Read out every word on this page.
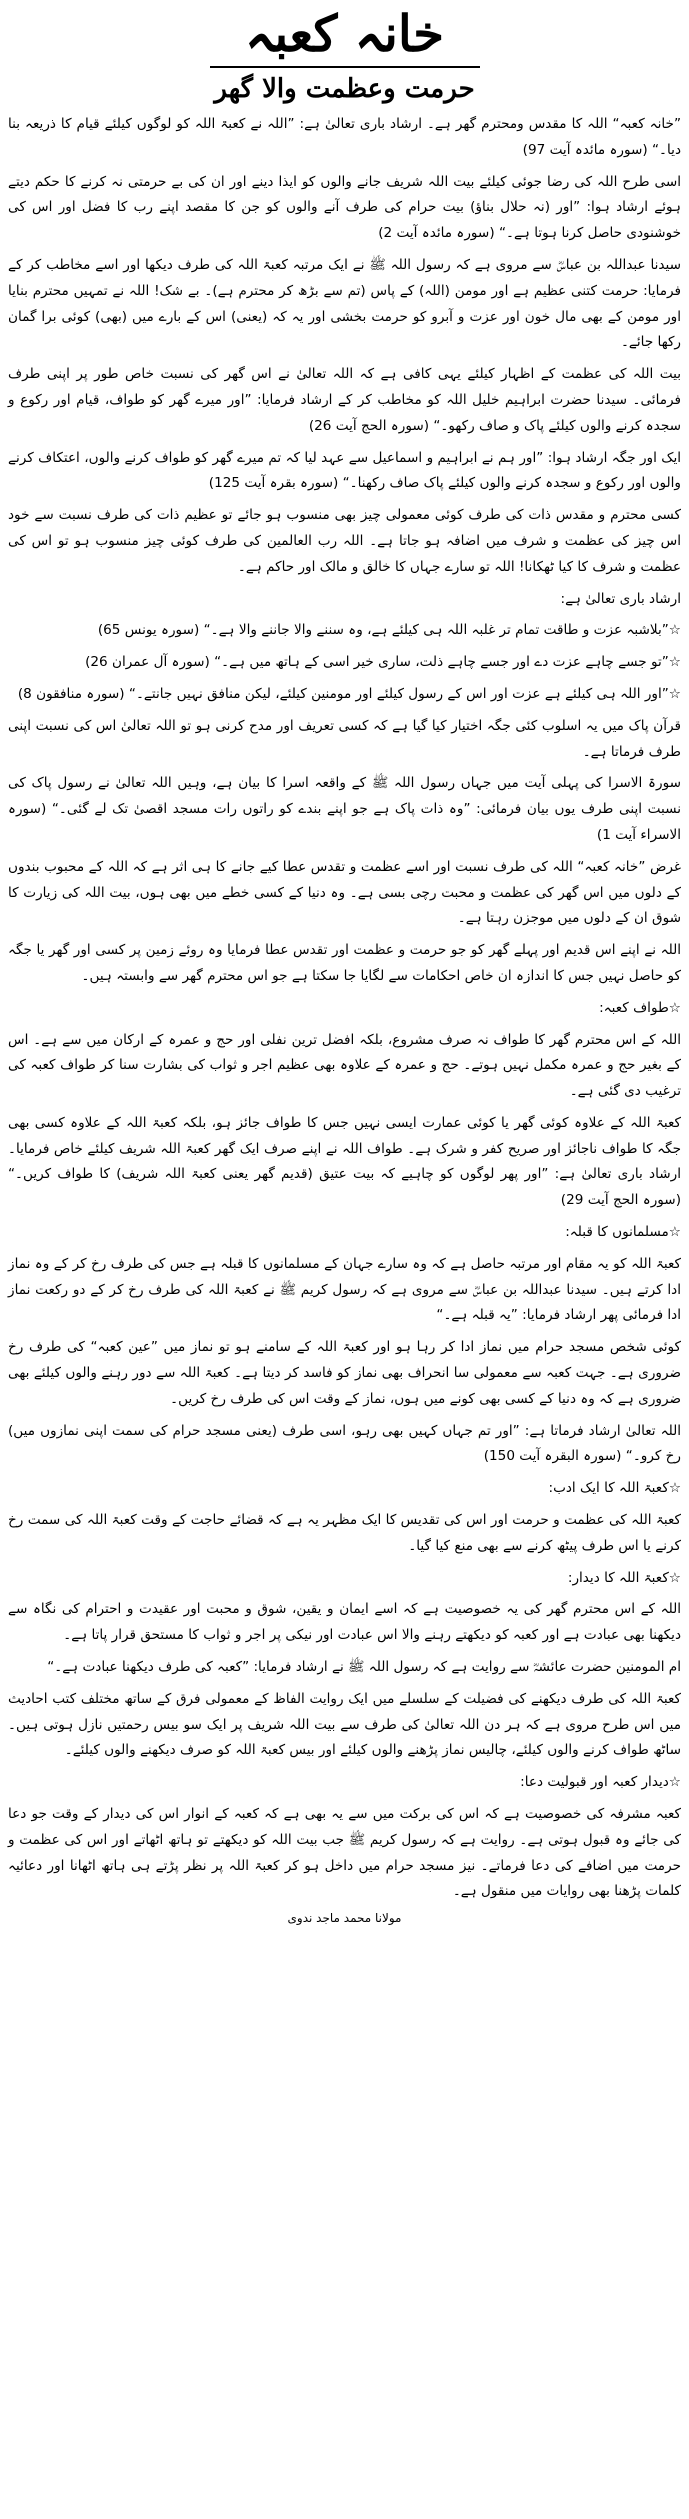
خانہ کعبہ
حرمت وعظمت والا گھر

”خانہ کعبہ“ اللہ کا مقدس ومحترم گھر ہے۔ ارشاد باری تعالیٰ ہے: ”اللہ نے کعبۃ اللہ کو لوگوں کیلئے قیام کا ذریعہ بنا دیا۔“ (سورہ مائدہ آیت 97)

اسی طرح اللہ کی رضا جوئی کیلئے بیت اللہ شریف جانے والوں کو ایذا دینے اور ان کی بے حرمتی نہ کرنے کا حکم دیتے ہوئے ارشاد ہوا: ”اور (نہ حلال بناؤ) بیت حرام کی طرف آنے والوں کو جن کا مقصد اپنے رب کا فضل اور اس کی خوشنودی حاصل کرنا ہوتا ہے۔“ (سورہ مائدہ آیت 2)

سیدنا عبداللہ بن عباسؓ سے مروی ہے کہ رسول اللہ ﷺ نے ایک مرتبہ کعبۃ اللہ کی طرف دیکھا اور اسے مخاطب کر کے فرمایا: حرمت کتنی عظیم ہے اور مومن (اللہ) کے پاس (تم سے بڑھ کر محترم ہے)۔ بے شک! اللہ نے تمہیں محترم بنایا اور مومن کے بھی مال خون اور عزت و آبرو کو حرمت بخشی اور یہ کہ (یعنی) اس کے بارے میں (بھی) کوئی برا گمان رکھا جائے۔

بیت اللہ کی عظمت کے اظہار کیلئے یہی کافی ہے کہ اللہ تعالیٰ نے اس گھر کی نسبت خاص طور پر اپنی طرف فرمائی۔ سیدنا حضرت ابراہیم خلیل اللہ کو مخاطب کر کے ارشاد فرمایا: ”اور میرے گھر کو طواف، قیام اور رکوع و سجدہ کرنے والوں کیلئے پاک و صاف رکھو۔“ (سورہ الحج آیت 26)

ایک اور جگہ ارشاد ہوا: ”اور ہم نے ابراہیم و اسماعیل سے عہد لیا کہ تم میرے گھر کو طواف کرنے والوں، اعتکاف کرنے والوں اور رکوع و سجدہ کرنے والوں کیلئے پاک صاف رکھنا۔“ (سورہ بقرہ آیت 125)

کسی محترم و مقدس ذات کی طرف کوئی معمولی چیز بھی منسوب ہو جائے تو عظیم ذات کی طرف نسبت سے خود اس چیز کی عظمت و شرف میں اضافہ ہو جاتا ہے۔ اللہ رب العالمین کی طرف کوئی چیز منسوب ہو تو اس کی عظمت و شرف کا کیا ٹھکانا! اللہ تو سارے جہاں کا خالق و مالک اور حاکم ہے۔

ارشاد باری تعالیٰ ہے:

☆”بلاشبہ عزت و طاقت تمام تر غلبہ اللہ ہی کیلئے ہے، وہ سننے والا جاننے والا ہے۔“ (سورہ یونس 65)

☆”تو جسے چاہے عزت دے اور جسے چاہے ذلت، ساری خیر اسی کے ہاتھ میں ہے۔“ (سورہ آل عمران 26)

☆”اور اللہ ہی کیلئے ہے عزت اور اس کے رسول کیلئے اور مومنین کیلئے، لیکن منافق نہیں جانتے۔“ (سورہ منافقون 8)

قرآن پاک میں یہ اسلوب کئی جگہ اختیار کیا گیا ہے کہ کسی تعریف اور مدح کرنی ہو تو اللہ تعالیٰ اس کی نسبت اپنی طرف فرماتا ہے۔

سورۃ الاسرا کی پہلی آیت میں جہاں رسول اللہ ﷺ کے واقعہ اسرا کا بیان ہے، وہیں اللہ تعالیٰ نے رسول پاک کی نسبت اپنی طرف یوں بیان فرمائی: ”وہ ذات پاک ہے جو اپنے بندے کو راتوں رات مسجد اقصیٰ تک لے گئی۔“ (سورہ الاسراء آیت 1)

غرض ”خانہ کعبہ“ اللہ کی طرف نسبت اور اسے عظمت و تقدس عطا کیے جانے کا ہی اثر ہے کہ اللہ کے محبوب بندوں کے دلوں میں اس گھر کی عظمت و محبت رچی بسی ہے۔ وہ دنیا کے کسی خطے میں بھی ہوں، بیت اللہ کی زیارت کا شوق ان کے دلوں میں موجزن رہتا ہے۔

اللہ نے اپنے اس قدیم اور پہلے گھر کو جو حرمت و عظمت اور تقدس عطا فرمایا وہ روئے زمین پر کسی اور گھر یا جگہ کو حاصل نہیں جس کا اندازہ ان خاص احکامات سے لگایا جا سکتا ہے جو اس محترم گھر سے وابستہ ہیں۔

☆طواف کعبہ:

اللہ کے اس محترم گھر کا طواف نہ صرف مشروع، بلکہ افضل ترین نفلی اور حج و عمرہ کے ارکان میں سے ہے۔ اس کے بغیر حج و عمرہ مکمل نہیں ہوتے۔ حج و عمرہ کے علاوہ بھی عظیم اجر و ثواب کی بشارت سنا کر طواف کعبہ کی ترغیب دی گئی ہے۔

کعبۃ اللہ کے علاوہ کوئی گھر یا کوئی عمارت ایسی نہیں جس کا طواف جائز ہو، بلکہ کعبۃ اللہ کے علاوہ کسی بھی جگہ کا طواف ناجائز اور صریح کفر و شرک ہے۔ طواف اللہ نے اپنے صرف ایک گھر کعبۃ اللہ شریف کیلئے خاص فرمایا۔ ارشاد باری تعالیٰ ہے: ”اور پھر لوگوں کو چاہیے کہ بیت عتیق (قدیم گھر یعنی کعبۃ اللہ شریف) کا طواف کریں۔“ (سورہ الحج آیت 29)

☆مسلمانوں کا قبلہ:

کعبۃ اللہ کو یہ مقام اور مرتبہ حاصل ہے کہ وہ سارے جہان کے مسلمانوں کا قبلہ ہے جس کی طرف رخ کر کے وہ نماز ادا کرتے ہیں۔ سیدنا عبداللہ بن عباسؓ سے مروی ہے کہ رسول کریم ﷺ نے کعبۃ اللہ کی طرف رخ کر کے دو رکعت نماز ادا فرمائی پھر ارشاد فرمایا: ”یہ قبلہ ہے۔“

کوئی شخص مسجد حرام میں نماز ادا کر رہا ہو اور کعبۃ اللہ کے سامنے ہو تو نماز میں ”عین کعبہ“ کی طرف رخ ضروری ہے۔ جہت کعبہ سے معمولی سا انحراف بھی نماز کو فاسد کر دیتا ہے۔ کعبۃ اللہ سے دور رہنے والوں کیلئے بھی ضروری ہے کہ وہ دنیا کے کسی بھی کونے میں ہوں، نماز کے وقت اس کی طرف رخ کریں۔

اللہ تعالیٰ ارشاد فرماتا ہے: ”اور تم جہاں کہیں بھی رہو، اسی طرف (یعنی مسجد حرام کی سمت اپنی نمازوں میں) رخ کرو۔“ (سورہ البقرہ آیت 150)

☆کعبۃ اللہ کا ایک ادب:

کعبۃ اللہ کی عظمت و حرمت اور اس کی تقدیس کا ایک مظہر یہ ہے کہ قضائے حاجت کے وقت کعبۃ اللہ کی سمت رخ کرنے یا اس طرف پیٹھ کرنے سے بھی منع کیا گیا۔

☆کعبۃ اللہ کا دیدار:

اللہ کے اس محترم گھر کی یہ خصوصیت ہے کہ اسے ایمان و یقین، شوق و محبت اور عقیدت و احترام کی نگاہ سے دیکھنا بھی عبادت ہے اور کعبہ کو دیکھتے رہنے والا اس عبادت اور نیکی پر اجر و ثواب کا مستحق قرار پاتا ہے۔

ام المومنین حضرت عائشہؓ سے روایت ہے کہ رسول اللہ ﷺ نے ارشاد فرمایا: ”کعبہ کی طرف دیکھنا عبادت ہے۔“

کعبۃ اللہ کی طرف دیکھنے کی فضیلت کے سلسلے میں ایک روایت الفاظ کے معمولی فرق کے ساتھ مختلف کتب احادیث میں اس طرح مروی ہے کہ ہر دن اللہ تعالیٰ کی طرف سے بیت اللہ شریف پر ایک سو بیس رحمتیں نازل ہوتی ہیں۔ ساٹھ طواف کرنے والوں کیلئے، چالیس نماز پڑھنے والوں کیلئے اور بیس کعبۃ اللہ کو صرف دیکھنے والوں کیلئے۔

☆دیدار کعبہ اور قبولیت دعا:

کعبہ مشرفہ کی خصوصیت ہے کہ اس کی برکت میں سے یہ بھی ہے کہ کعبہ کے انوار اس کی دیدار کے وقت جو دعا کی جائے وہ قبول ہوتی ہے۔ روایت ہے کہ رسول کریم ﷺ جب بیت اللہ کو دیکھتے تو ہاتھ اٹھاتے اور اس کی عظمت و حرمت میں اضافے کی دعا فرماتے۔ نیز مسجد حرام میں داخل ہو کر کعبۃ اللہ پر نظر پڑتے ہی ہاتھ اٹھانا اور دعائیہ کلمات پڑھنا بھی روایات میں منقول ہے۔

مولانا محمد ماجد ندوی
